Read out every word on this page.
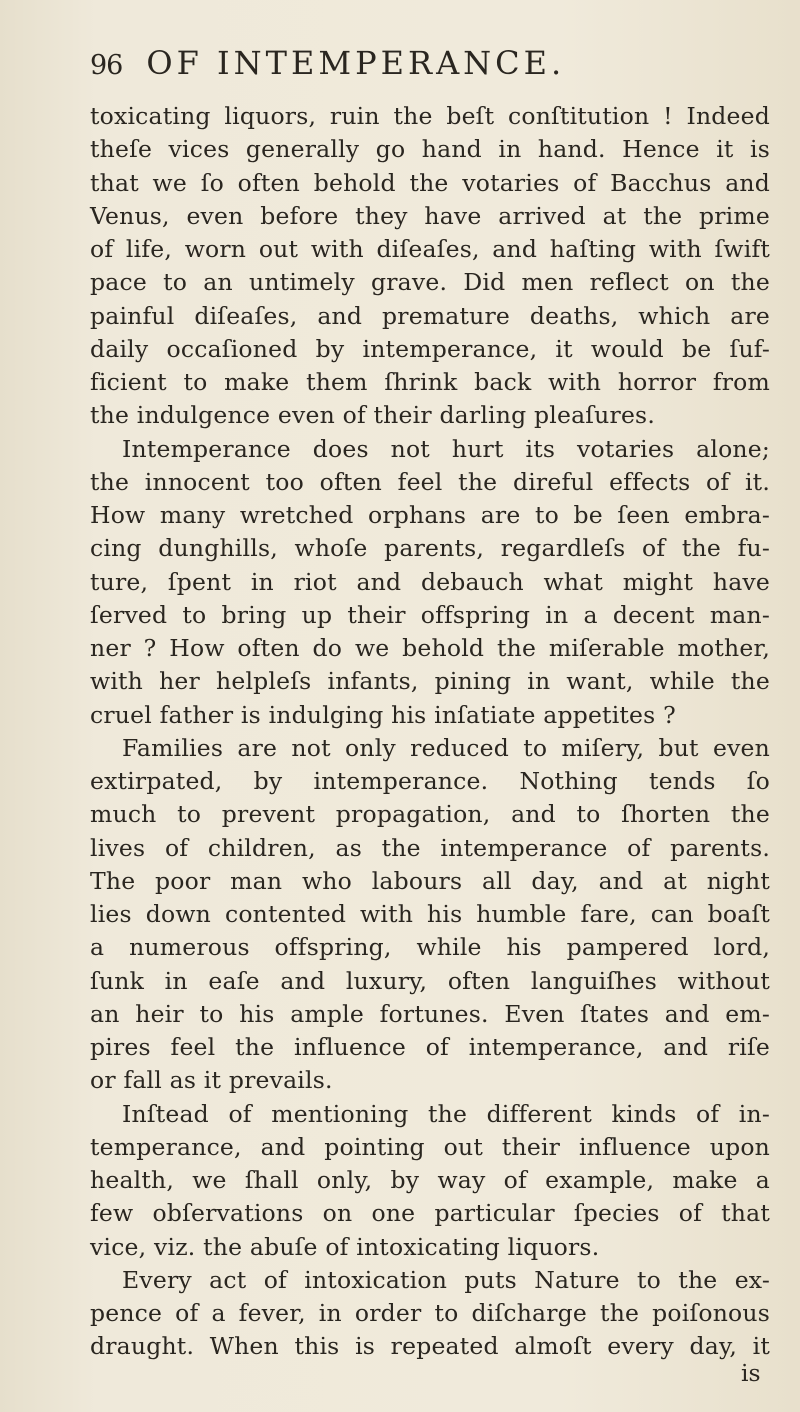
96 OF INTEMPERANCE.
toxicating liquors, ruin the beſt conſtitution ! Indeed
theſe vices generally go hand in hand. Hence it is
that we ſo often behold the votaries of Bacchus and
Venus, even before they have arrived at the prime
of life, worn out with diſeaſes, and haſting with ſwift
pace to an untimely grave. Did men reflect on the
painful diſeaſes, and premature deaths, which are
daily occaſioned by intemperance, it would be ſuf-
ficient to make them ſhrink back with horror from
the indulgence even of their darling pleaſures.
Intemperance does not hurt its votaries alone;
the innocent too often feel the direful effects of it.
How many wretched orphans are to be ſeen embra-
cing dunghills, whoſe parents, regardleſs of the fu-
ture, ſpent in riot and debauch what might have
ſerved to bring up their offspring in a decent man-
ner ? How often do we behold the miſerable mother,
with her helpleſs infants, pining in want, while the
cruel father is indulging his inſatiate appetites ?
Families are not only reduced to miſery, but even
extirpated, by intemperance. Nothing tends ſo
much to prevent propagation, and to ſhorten the
lives of children, as the intemperance of parents.
The poor man who labours all day, and at night
lies down contented with his humble fare, can boaſt
a numerous offspring, while his pampered lord,
ſunk in eaſe and luxury, often languiſhes without
an heir to his ample fortunes. Even ſtates and em-
pires feel the influence of intemperance, and riſe
or fall as it prevails.
Inſtead of mentioning the different kinds of in-
temperance, and pointing out their influence upon
health, we ſhall only, by way of example, make a
few obſervations on one particular ſpecies of that
vice, viz. the abuſe of intoxicating liquors.
Every act of intoxication puts Nature to the ex-
pence of a fever, in order to diſcharge the poiſonous
draught. When this is repeated almoſt every day, it
is
